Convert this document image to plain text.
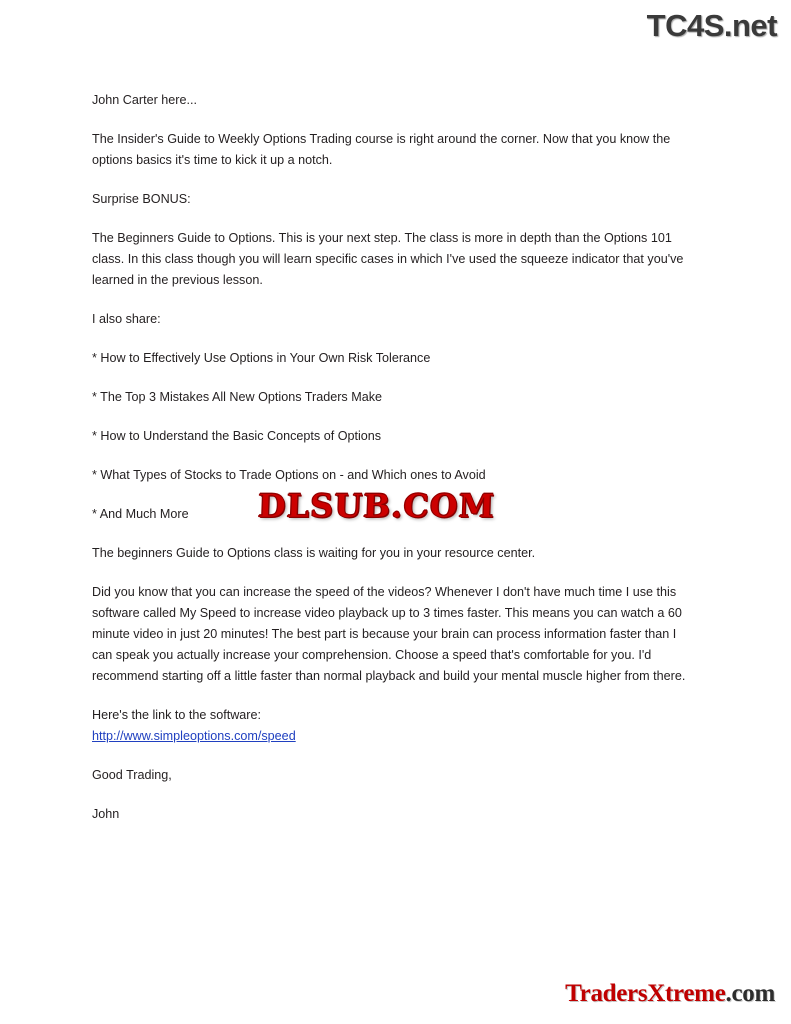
TC4S.net

John Carter here...

The Insider's Guide to Weekly Options Trading course is right around the corner. Now that you know the options basics it's time to kick it up a notch.

Surprise BONUS:

The Beginners Guide to Options. This is your next step. The class is more in depth than the Options 101 class. In this class though you will learn specific cases in which I've used the squeeze indicator that you've learned in the previous lesson.

I also share:

* How to Effectively Use Options in Your Own Risk Tolerance

* The Top 3 Mistakes All New Options Traders Make

* How to Understand the Basic Concepts of Options

* What Types of Stocks to Trade Options on - and Which ones to Avoid

* And Much More

The beginners Guide to Options class is waiting for you in your resource center.

Did you know that you can increase the speed of the videos? Whenever I don't have much time I use this software called My Speed to increase video playback up to 3 times faster. This means you can watch a 60 minute video in just 20 minutes! The best part is because your brain can process information faster than I can speak you actually increase your comprehension. Choose a speed that's comfortable for you. I'd recommend starting off a little faster than normal playback and build your mental muscle higher from there.

Here's the link to the software:

http://www.simpleoptions.com/speed

Good Trading,

John

DLSUB.COM
TradersXtreme.com
